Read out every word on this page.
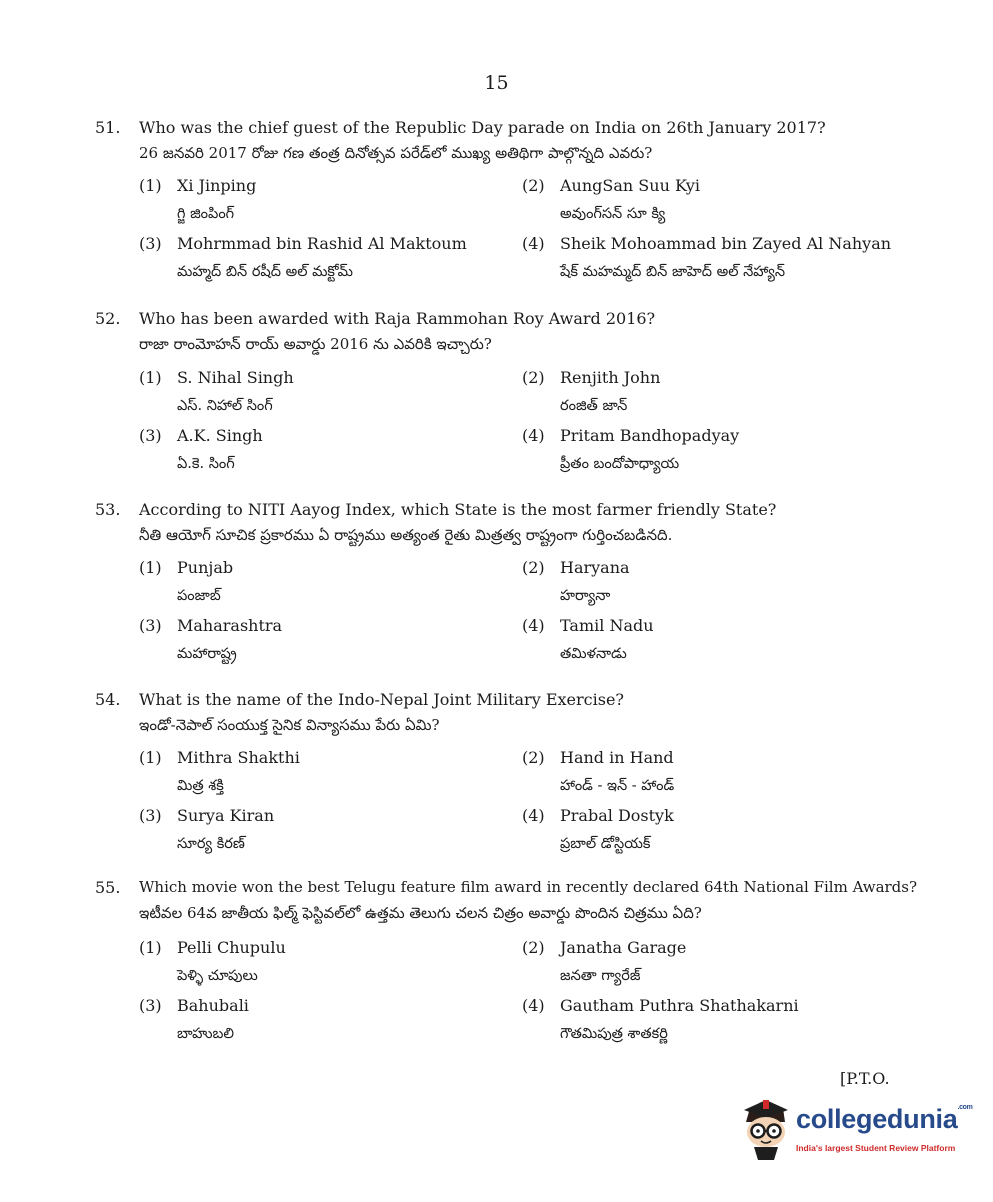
15
51.	Who was the chief guest of the Republic Day parade on India on 26th January 2017?
26 జనవరి 2017 రోజు గణ తంత్ర దినోత్సవ పరేడ్‌లో ముఖ్య అతిథిగా పాల్గొన్నది ఎవరు?
(1) Xi Jinping
గ్జి జింపింగ్
(2) AungSan Suu Kyi
అవుంగ్‌సన్ సూ క్యి
(3) Mohrmmad bin Rashid Al Maktoum
మహ్మద్ బిన్ రషీద్ అల్ మక్టోమ్
(4) Sheik Mohoammad bin Zayed Al Nahyan
షేక్ మహమ్మద్ బిన్ జాహెద్ అల్ నేహ్యాన్
52.	Who has been awarded with Raja Rammohan Roy Award 2016?
రాజా రాంమోహన్ రాయ్ అవార్డు 2016 ను ఎవరికి ఇచ్చారు?
(1) S. Nihal Singh
ఎస్. నిహాల్ సింగ్
(2) Renjith John
రంజిత్ జాన్
(3) A.K. Singh
ఏ.కె. సింగ్
(4) Pritam Bandhopadyay
ప్రీతం బందోపాధ్యాయ
53.	According to NITI Aayog Index, which State is the most farmer friendly State?
నీతి ఆయోగ్ సూచిక ప్రకారము ఏ రాష్ట్రము అత్యంత రైతు మిత్రత్వ రాష్ట్రంగా గుర్తించబడినది.
(1) Punjab
పంజాబ్
(2) Haryana
హర్యానా
(3) Maharashtra
మహారాష్ట్ర
(4) Tamil Nadu
తమిళనాడు
54.	What is the name of the Indo-Nepal Joint Military Exercise?
ఇండో-నెపాల్ సంయుక్త సైనిక విన్యాసము పేరు ఏమి?
(1) Mithra Shakthi
మిత్ర శక్తి
(2) Hand in Hand
హాండ్ - ఇన్ - హాండ్
(3) Surya Kiran
సూర్య కిరణ్
(4) Prabal Dostyk
ప్రబాల్ డోస్టియక్
55.	Which movie won the best Telugu feature film award in recently declared 64th National Film Awards?
ఇటీవల 64వ జాతీయ ఫిల్మ్ ఫెస్టివల్‌లో ఉత్తమ తెలుగు చలన చిత్రం అవార్డు పొందిన చిత్రము ఏది?
(1) Pelli Chupulu
పెళ్ళి చూపులు
(2) Janatha Garage
జనతా గ్యారేజ్
(3) Bahubali
బాహుబలి
(4) Gautham Puthra Shathakarni
గౌతమిపుత్ర శాతకర్ణి
[P.T.O.
collegedunia$^{.com}$
India's largest Student Review Platform
